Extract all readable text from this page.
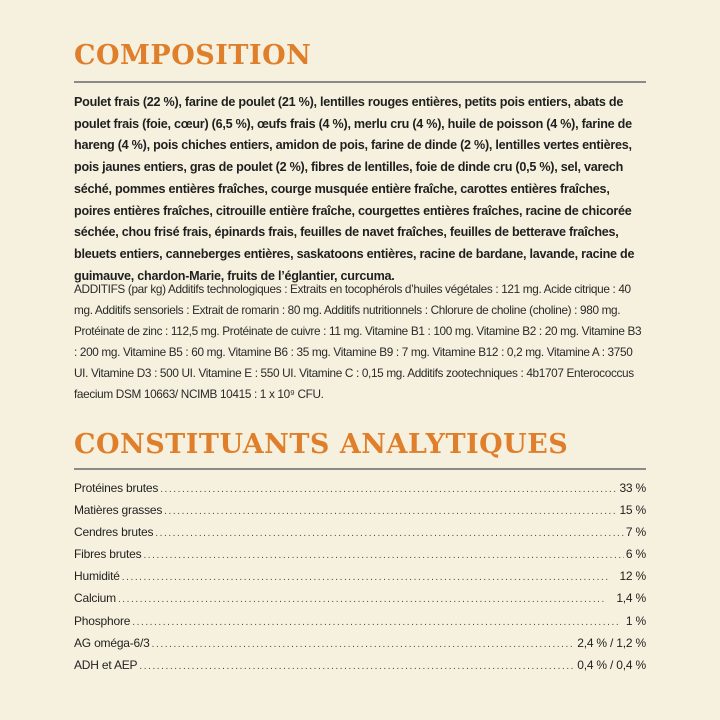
COMPOSITION

Poulet frais (22 %), farine de poulet (21 %), lentilles rouges entières, petits pois entiers, abats de poulet frais (foie, cœur) (6,5 %), œufs frais (4 %), merlu cru (4 %), huile de poisson (4 %), farine de hareng (4 %), pois chiches entiers, amidon de pois, farine de dinde (2 %), lentilles vertes entières, pois jaunes entiers, gras de poulet (2 %), fibres de lentilles, foie de dinde cru (0,5 %), sel, varech séché, pommes entières fraîches, courge musquée entière fraîche, carottes entières fraîches, poires entières fraîches, citrouille entière fraîche, courgettes entières fraîches, racine de chicorée séchée, chou frisé frais, épinards frais, feuilles de navet fraîches, feuilles de betterave fraîches, bleuets entiers, canneberges entières, saskatoons entières, racine de bardane, lavande, racine de guimauve, chardon-Marie, fruits de l’églantier, curcuma.

ADDITIFS (par kg) Additifs technologiques : Extraits en tocophérols d’huiles végétales : 121 mg. Acide citrique : 40 mg. Additifs sensoriels : Extrait de romarin : 80 mg. Additifs nutritionnels : Chlorure de choline (choline) : 980 mg. Protéinate de zinc : 112,5 mg. Protéinate de cuivre : 11 mg. Vitamine B1 : 100 mg. Vitamine B2 : 20 mg. Vitamine B3 : 200 mg. Vitamine B5 : 60 mg. Vitamine B6 : 35 mg. Vitamine B9 : 7 mg. Vitamine B12 : 0,2 mg. Vitamine A : 3750 UI. Vitamine D3 : 500 UI. Vitamine E : 550 UI. Vitamine C : 0,15 mg. Additifs zootechniques : 4b1707 Enterococcus faecium DSM 10663/ NCIMB 10415 : 1 x 10⁹ CFU.

CONSTITUANTS ANALYTIQUES
Protéines brutes . . .	33 %
Matières grasses . . .	15 %
Cendres brutes . . .	7 %
Fibres brutes . . .	6 %
Humidité . . .	12 %
Calcium . . .	1,4 %
Phosphore . . .	1 %
AG oméga-6/3 . . .	2,4 % / 1,2 %
ADH et AEP . . .	0,4 % / 0,4 %
